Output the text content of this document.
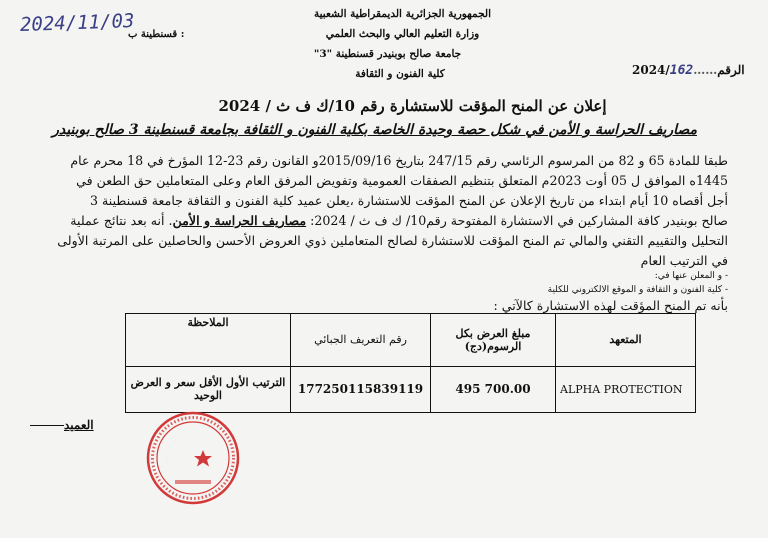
2024/11/03
قسنطينة ب :
الجمهورية الجزائرية الديمقراطية الشعبية
وزارة التعليم العالي والبحث العلمي
جامعة صالح بوبنيدر قسنطينة "3"
كلية الفنون و الثقافة	2024/162……الرقم
إعلان عن المنح المؤقت للاستشارة رقم 10/ك ف ث / 2024
مصاريف الحراسة و الأمن في شكل حصة وحيدة الخاصة بكلية الفنون و الثقافة بجامعة قسنطينة 3 صالح بوبنيدر
طبقا للمادة 65 و 82 من المرسوم الرئاسي رقم 247/15 بتاريخ 2015/09/16و القانون رقم 23-12 المؤرخ في 18 محرم عام
1445ه الموافق ل 05 أوت 2023م المتعلق بتنظيم الصفقات العمومية وتفويض المرفق العام وعلى المتعاملين حق الطعن في
أجل أقصاه 10 أيام ابتداء من تاريخ الإعلان عن المنح المؤقت للاستشارة ،يعلن عميد كلية الفنون و الثقافة جامعة قسنطينة 3
صالح بوبنيدر كافة المشاركين في الاستشارة المفتوحة رقم10/ ك ف ث / 2024: مصاريف الحراسة و الأمن. أنه بعد نتائج عملية
التحليل والتقييم التقني والمالي تم المنح المؤقت للاستشارة لصالح المتعاملين ذوي العروض الأحسن والحاصلين على المرتبة الأولى
في الترتيب العام
- و المعلن عنها في:
- كلية الفنون و الثقافة و الموقع الالكتروني للكلية
بأنه تم المنح المؤقت لهذه الاستشارة كالآتي :
الملاحظة	رقم التعريف الجبائي	مبلغ العرض بكل الرسوم(دج)	المتعهد
الترتيب الأول الأقل سعر و العرض الوحيد	177250115839119	495 700.00	ALPHA PROTECTION
العميد
